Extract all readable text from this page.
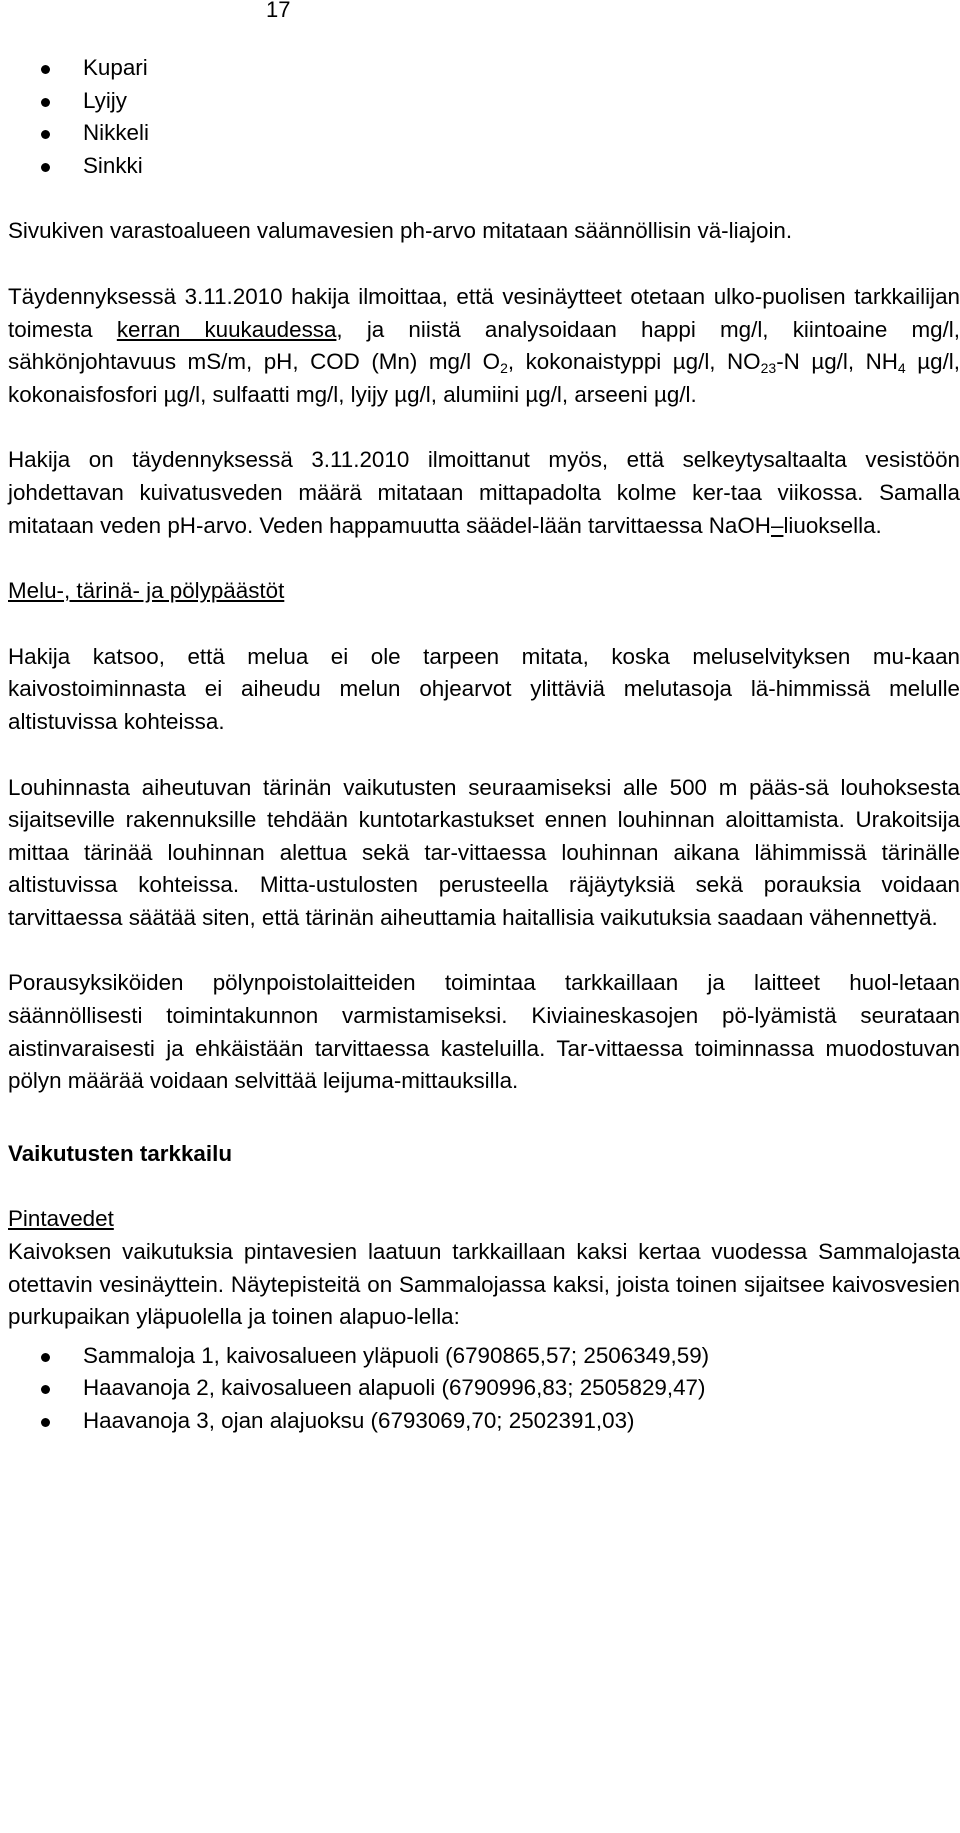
17
Kupari
Lyijy
Nikkeli
Sinkki

Sivukiven varastoalueen valumavesien ph-arvo mitataan säännöllisin vä-liajoin.

Täydennyksessä 3.11.2010 hakija ilmoittaa, että vesinäytteet otetaan ulko-puolisen tarkkailijan toimesta kerran kuukaudessa, ja niistä analysoidaan happi mg/l, kiintoaine mg/l, sähkönjohtavuus mS/m, pH, COD (Mn) mg/l $O_2$, kokonaistyppi µg/l, $NO_{23}-N$ µg/l, $NH_4$ µg/l, kokonaisfosfori µg/l, sulfaatti mg/l, lyijy µg/l, alumiini µg/l, arseeni µg/l.

Hakija on täydennyksessä 3.11.2010 ilmoittanut myös, että selkeytysaltaalta vesistöön johdettavan kuivatusveden määrä mitataan mittapadolta kolme ker-taa viikossa. Samalla mitataan veden pH-arvo. Veden happamuutta säädel-lään tarvittaessa NaOH–liuoksella.

Melu-, tärinä- ja pölypäästöt

Hakija katsoo, että melua ei ole tarpeen mitata, koska meluselvityksen mu-kaan kaivostoiminnasta ei aiheudu melun ohjearvot ylittäviä melutasoja lä-himmissä melulle altistuvissa kohteissa.

Louhinnasta aiheutuvan tärinän vaikutusten seuraamiseksi alle 500 m pääs-sä louhoksesta sijaitseville rakennuksille tehdään kuntotarkastukset ennen louhinnan aloittamista. Urakoitsija mittaa tärinää louhinnan alettua sekä tar-vittaessa louhinnan aikana lähimmissä tärinälle altistuvissa kohteissa. Mitta-ustulosten perusteella räjäytyksiä sekä porauksia voidaan tarvittaessa säätää siten, että tärinän aiheuttamia haitallisia vaikutuksia saadaan vähennettyä.

Porausyksiköiden pölynpoistolaitteiden toimintaa tarkkaillaan ja laitteet huol-letaan säännöllisesti toimintakunnon varmistamiseksi. Kiviaineskasojen pö-lyämistä seurataan aistinvaraisesti ja ehkäistään tarvittaessa kasteluilla. Tar-vittaessa toiminnassa muodostuvan pölyn määrää voidaan selvittää leijuma-mittauksilla.

Vaikutusten tarkkailu

Pintavedet

Kaivoksen vaikutuksia pintavesien laatuun tarkkaillaan kaksi kertaa vuodessa Sammalojasta otettavin vesinäyttein. Näytepisteitä on Sammalojassa kaksi, joista toinen sijaitsee kaivosvesien purkupaikan yläpuolella ja toinen alapuo-lella:

Sammaloja 1, kaivosalueen yläpuoli (6790865,57; 2506349,59)
Haavanoja 2, kaivosalueen alapuoli (6790996,83; 2505829,47)
Haavanoja 3, ojan alajuoksu (6793069,70; 2502391,03)
